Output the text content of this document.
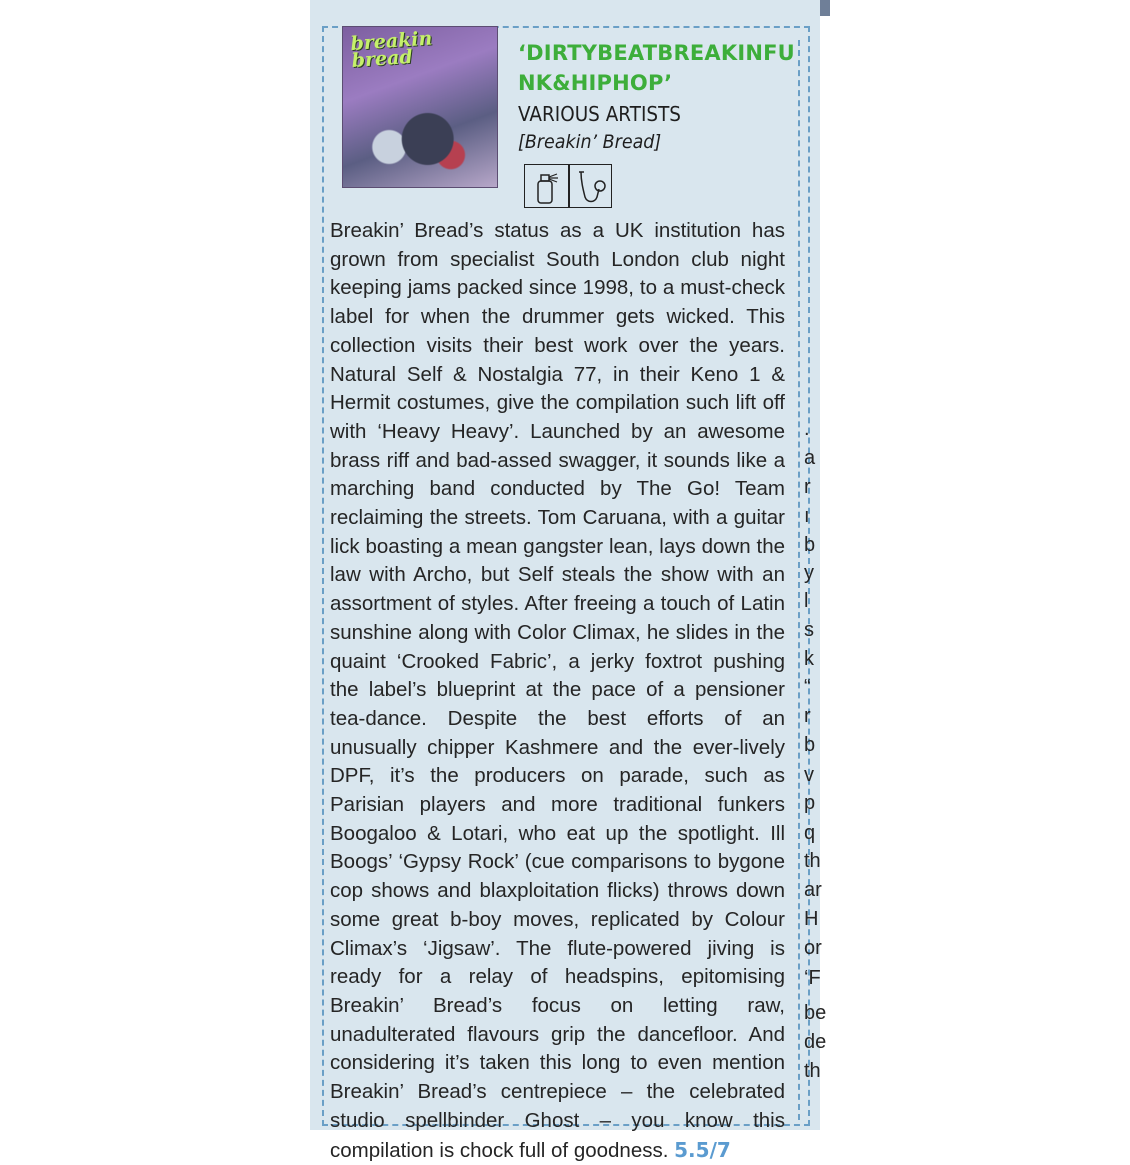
breakin bread	‘DIRTYBEATBREAKINFUNK&HIPHOP’
VARIOUS ARTISTS
[Breakin’ Bread]
Breakin’ Bread’s status as a UK institution has grown from specialist South London club night keeping jams packed since 1998, to a must-check label for when the drummer gets wicked. This collection visits their best work over the years. Natural Self & Nostalgia 77, in their Keno 1 & Hermit costumes, give the compilation such lift off with ‘Heavy Heavy’. Launched by an awesome brass riff and bad-assed swagger, it sounds like a marching band conducted by The Go! Team reclaiming the streets. Tom Caruana, with a guitar lick boasting a mean gangster lean, lays down the law with Archo, but Self steals the show with an assortment of styles. After freeing a touch of Latin sunshine along with Color Climax, he slides in the quaint ‘Crooked Fabric’, a jerky foxtrot pushing the label’s blueprint at the pace of a pensioner tea-dance. Despite the best efforts of an unusually chipper Kashmere and the ever-lively DPF, it’s the producers on parade, such as Parisian players and more traditional funkers Boogaloo & Lotari, who eat up the spotlight. Ill Boogs’ ‘Gypsy Rock’ (cue comparisons to bygone cop shows and blaxploitation flicks) throws down some great b-boy moves, replicated by Colour Climax’s ‘Jigsaw’. The flute-powered jiving is ready for a relay of headspins, epitomising Breakin’ Bread’s focus on letting raw, unadulterated flavours grip the dancefloor. And considering it’s taken this long to even mention Breakin’ Bread’s centrepiece – the celebrated studio spellbinder Ghost – you know this compilation is chock full of goodness. 5.5/7
.
a
r
ı
b
y
l
s
k
“
r
b
v
p
q
th
ar
H
or
‘F
be
de
th
